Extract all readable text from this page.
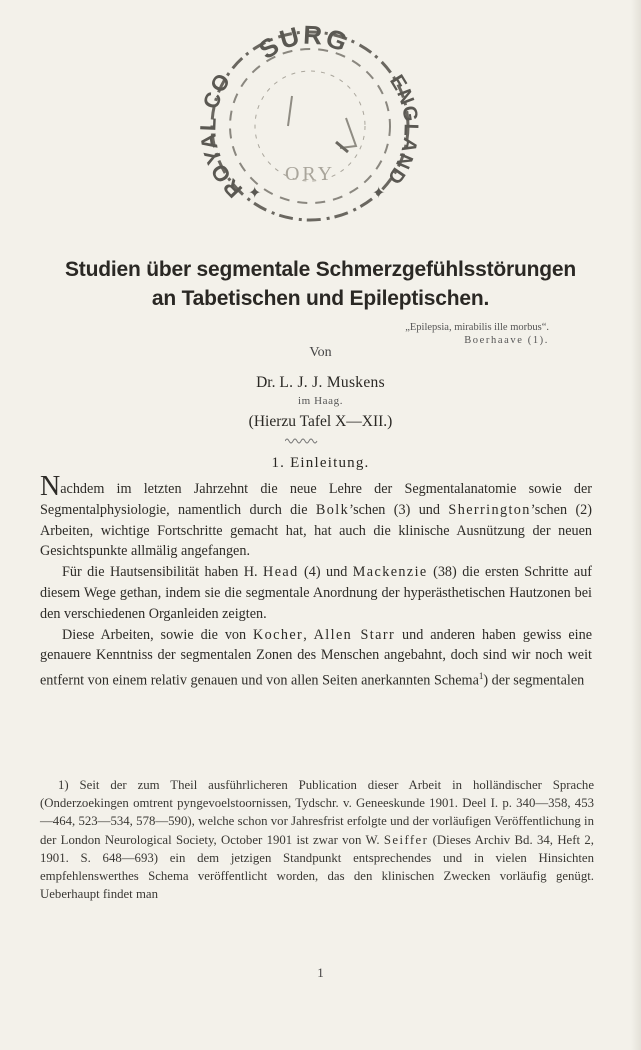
SURG
ROYAL CO	ENGLAND
ORY
✦	✦
Studien über segmentale Schmerzgefühlsstörungen
an Tabetischen und Epileptischen.
„Epilepsia, mirabilis ille morbus“.
Boerhaave (1).
Von
Dr. L. J. J. Muskens
im Haag.
(Hierzu Tafel X—XII.)
1. Einleitung.

Nachdem im letzten Jahrzehnt die neue Lehre der Segmentalanatomie sowie der Segmentalphysiologie, namentlich durch die Bolk’schen (3) und Sherrington’schen (2) Arbeiten, wichtige Fortschritte gemacht hat, hat auch die klinische Ausnützung der neuen Gesichtspunkte allmälig angefangen.

Für die Hautsensibilität haben H. Head (4) und Mackenzie (38) die ersten Schritte auf diesem Wege gethan, indem sie die segmentale Anordnung der hyperästhetischen Hautzonen bei den verschiedenen Organleiden zeigten.

Diese Arbeiten, sowie die von Kocher, Allen Starr und anderen haben gewiss eine genauere Kenntniss der segmentalen Zonen des Menschen angebahnt, doch sind wir noch weit entfernt von einem relativ genauen und von allen Seiten anerkannten Schema$^1$) der segmentalen

1) Seit der zum Theil ausführlicheren Publication dieser Arbeit in holländischer Sprache (Onderzoekingen omtrent pyngevoelstoornissen, Tydschr. v. Geneeskunde 1901. Deel I. p. 340—358, 453—464, 523—534, 578—590), welche schon vor Jahresfrist erfolgte und der vorläufigen Veröffentlichung in der London Neurological Society, October 1901 ist zwar von W. Seiffer (Dieses Archiv Bd. 34, Heft 2, 1901. S. 648—693) ein dem jetzigen Standpunkt entsprechendes und in vielen Hinsichten empfehlenswerthes Schema veröffentlicht worden, das den klinischen Zwecken vorläufig genügt. Ueberhaupt findet man

1
